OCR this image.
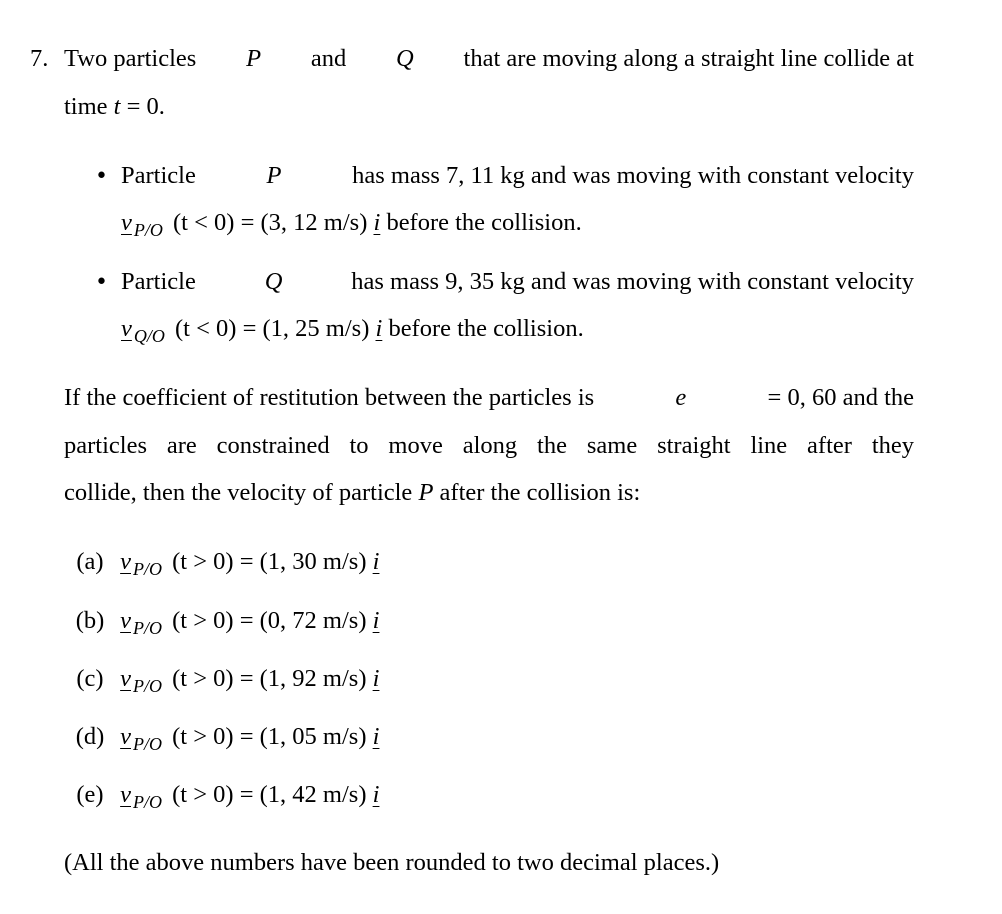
7. Two particles P and Q that are moving along a straight line collide at
time t = 0.
• Particle	P	has mass 7, 11 kg and was moving with constant velocity
v $_{P/O}$ (t < 0) = (3, 12 m/s) i before the collision.
• Particle	Q	has mass 9, 35 kg and was moving with constant velocity
v $_{Q/O}$ (t < 0) = (1, 25 m/s) i before the collision.
If the coefficient of restitution between the particles is	e	= 0, 60 and the
particles are constrained to move along the same straight line after they
collide, then the velocity of particle P after the collision is:
(a) v $_{P/O}$ (t > 0) = (1, 30 m/s) i
(b) v $_{P/O}$ (t > 0) = (0, 72 m/s) i
(c) v $_{P/O}$ (t > 0) = (1, 92 m/s) i
(d) v $_{P/O}$ (t > 0) = (1, 05 m/s) i
(e) v $_{P/O}$ (t > 0) = (1, 42 m/s) i
(All the above numbers have been rounded to two decimal places.)
